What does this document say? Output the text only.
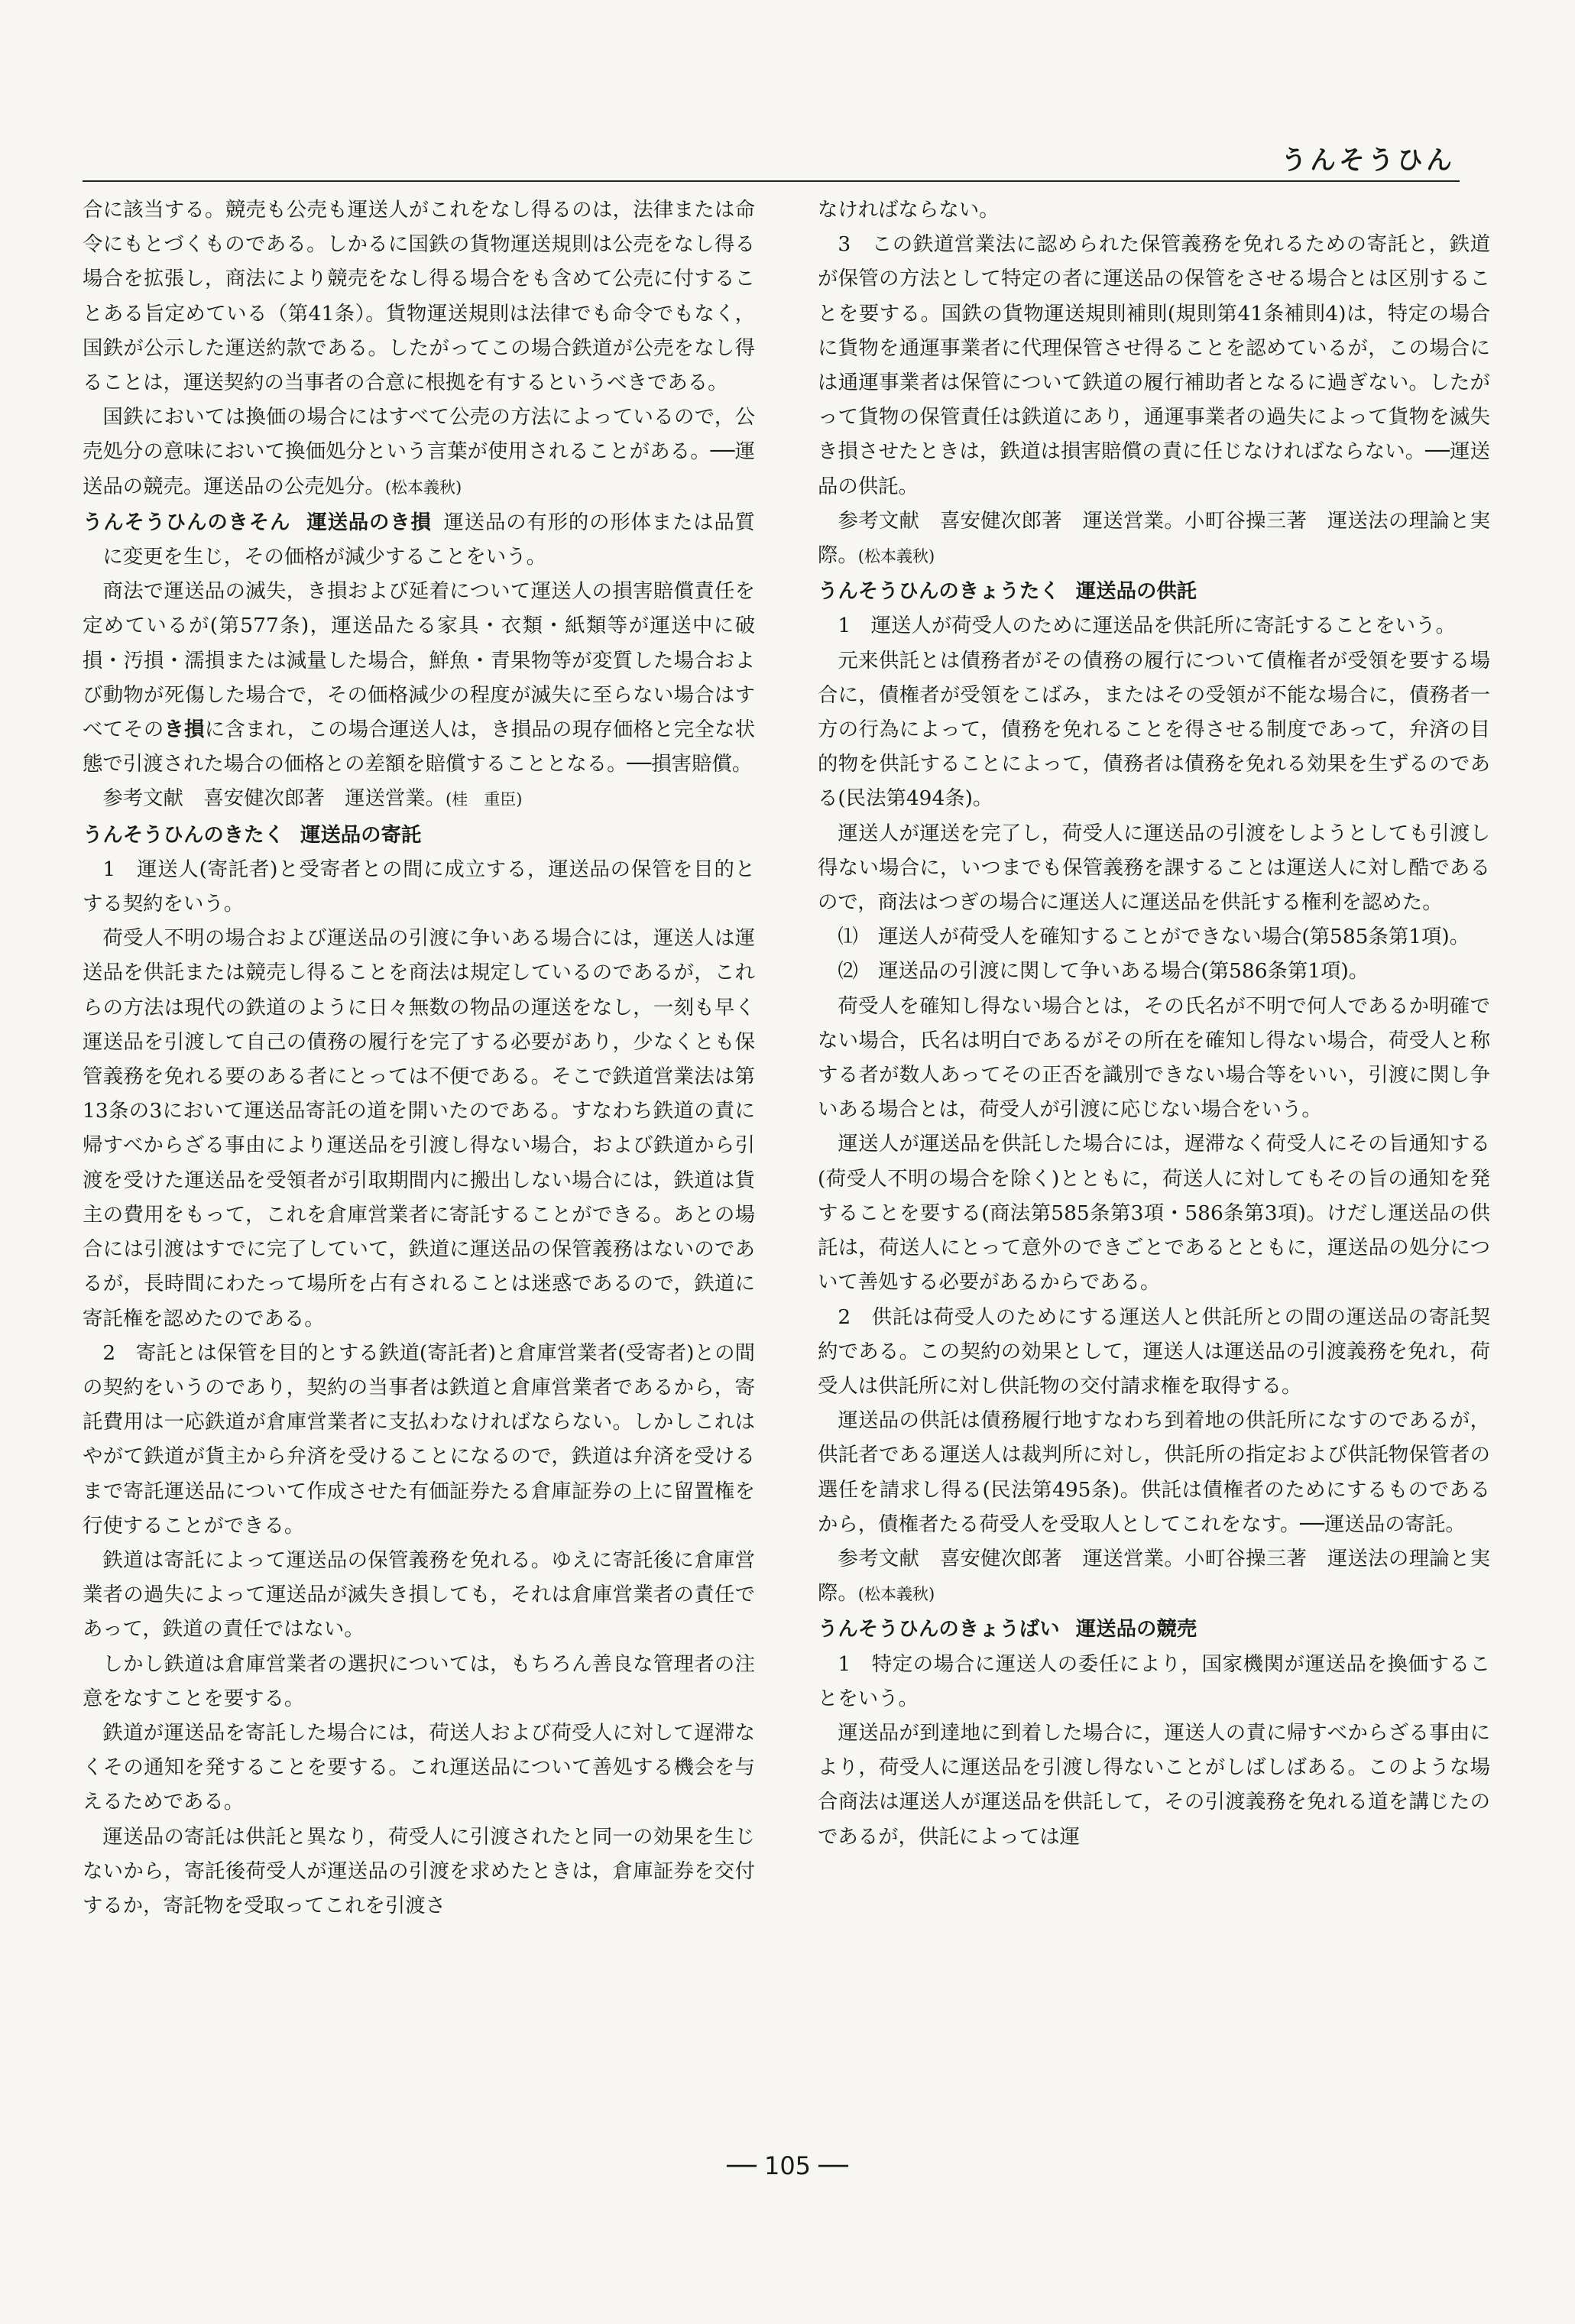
うんそうひん

合に該当する。競売も公売も運送人がこれをなし得るのは，法律または命令にもとづくものである。しかるに国鉄の貨物運送規則は公売をなし得る場合を拡張し，商法により競売をなし得る場合をも含めて公売に付することある旨定めている（第41条）。貨物運送規則は法律でも命令でもなく，国鉄が公示した運送約款である。したがってこの場合鉄道が公売をなし得ることは，運送契約の当事者の合意に根拠を有するというべきである。

国鉄においては換価の場合にはすべて公売の方法によっているので，公売処分の意味において換価処分という言葉が使用されることがある。──運送品の競売。運送品の公売処分。(松本義秋)

うんそうひんのきそん 運送品のき損 運送品の有形的の形体または品質に変更を生じ，その価格が減少することをいう。

商法で運送品の滅失，き損および延着について運送人の損害賠償責任を定めているが(第577条)，運送品たる家具・衣類・紙類等が運送中に破損・汚損・濡損または減量した場合，鮮魚・青果物等が変質した場合および動物が死傷した場合で，その価格減少の程度が滅失に至らない場合はすべてそのき損に含まれ，この場合運送人は，き損品の現存価格と完全な状態で引渡された場合の価格との差額を賠償することとなる。──損害賠償。

参考文献　喜安健次郎著　運送営業。(桂　重臣)

うんそうひんのきたく 運送品の寄託

1　運送人(寄託者)と受寄者との間に成立する，運送品の保管を目的とする契約をいう。

荷受人不明の場合および運送品の引渡に争いある場合には，運送人は運送品を供託または競売し得ることを商法は規定しているのであるが，これらの方法は現代の鉄道のように日々無数の物品の運送をなし，一刻も早く運送品を引渡して自己の債務の履行を完了する必要があり，少なくとも保管義務を免れる要のある者にとっては不便である。そこで鉄道営業法は第13条の3において運送品寄託の道を開いたのである。すなわち鉄道の責に帰すべからざる事由により運送品を引渡し得ない場合，および鉄道から引渡を受けた運送品を受領者が引取期間内に搬出しない場合には，鉄道は貨主の費用をもって，これを倉庫営業者に寄託することができる。あとの場合には引渡はすでに完了していて，鉄道に運送品の保管義務はないのであるが，長時間にわたって場所を占有されることは迷惑であるので，鉄道に寄託権を認めたのである。

2　寄託とは保管を目的とする鉄道(寄託者)と倉庫営業者(受寄者)との間の契約をいうのであり，契約の当事者は鉄道と倉庫営業者であるから，寄託費用は一応鉄道が倉庫営業者に支払わなければならない。しかしこれはやがて鉄道が貨主から弁済を受けることになるので，鉄道は弁済を受けるまで寄託運送品について作成させた有価証券たる倉庫証券の上に留置権を行使することができる。

鉄道は寄託によって運送品の保管義務を免れる。ゆえに寄託後に倉庫営業者の過失によって運送品が滅失き損しても，それは倉庫営業者の責任であって，鉄道の責任ではない。

しかし鉄道は倉庫営業者の選択については，もちろん善良な管理者の注意をなすことを要する。

鉄道が運送品を寄託した場合には，荷送人および荷受人に対して遅滞なくその通知を発することを要する。これ運送品について善処する機会を与えるためである。

運送品の寄託は供託と異なり，荷受人に引渡されたと同一の効果を生じないから，寄託後荷受人が運送品の引渡を求めたときは，倉庫証券を交付するか，寄託物を受取ってこれを引渡さ

なければならない。

3　この鉄道営業法に認められた保管義務を免れるための寄託と，鉄道が保管の方法として特定の者に運送品の保管をさせる場合とは区別することを要する。国鉄の貨物運送規則補則(規則第41条補則4)は，特定の場合に貨物を通運事業者に代理保管させ得ることを認めているが，この場合には通運事業者は保管について鉄道の履行補助者となるに過ぎない。したがって貨物の保管責任は鉄道にあり，通運事業者の過失によって貨物を滅失き損させたときは，鉄道は損害賠償の責に任じなければならない。──運送品の供託。

参考文献　喜安健次郎著　運送営業。小町谷操三著　運送法の理論と実際。(松本義秋)

うんそうひんのきょうたく 運送品の供託

1　運送人が荷受人のために運送品を供託所に寄託することをいう。

元来供託とは債務者がその債務の履行について債権者が受領を要する場合に，債権者が受領をこばみ，またはその受領が不能な場合に，債務者一方の行為によって，債務を免れることを得させる制度であって，弁済の目的物を供託することによって，債務者は債務を免れる効果を生ずるのである(民法第494条)。

運送人が運送を完了し，荷受人に運送品の引渡をしようとしても引渡し得ない場合に，いつまでも保管義務を課することは運送人に対し酷であるので，商法はつぎの場合に運送人に運送品を供託する権利を認めた。

⑴　運送人が荷受人を確知することができない場合(第585条第1項)。

⑵　運送品の引渡に関して争いある場合(第586条第1項)。

荷受人を確知し得ない場合とは，その氏名が不明で何人であるか明確でない場合，氏名は明白であるがその所在を確知し得ない場合，荷受人と称する者が数人あってその正否を識別できない場合等をいい，引渡に関し争いある場合とは，荷受人が引渡に応じない場合をいう。

運送人が運送品を供託した場合には，遅滞なく荷受人にその旨通知する(荷受人不明の場合を除く)とともに，荷送人に対してもその旨の通知を発することを要する(商法第585条第3項・586条第3項)。けだし運送品の供託は，荷送人にとって意外のできごとであるとともに，運送品の処分について善処する必要があるからである。

2　供託は荷受人のためにする運送人と供託所との間の運送品の寄託契約である。この契約の効果として，運送人は運送品の引渡義務を免れ，荷受人は供託所に対し供託物の交付請求権を取得する。

運送品の供託は債務履行地すなわち到着地の供託所になすのであるが，供託者である運送人は裁判所に対し，供託所の指定および供託物保管者の選任を請求し得る(民法第495条)。供託は債権者のためにするものであるから，債権者たる荷受人を受取人としてこれをなす。──運送品の寄託。

参考文献　喜安健次郎著　運送営業。小町谷操三著　運送法の理論と実際。(松本義秋)

うんそうひんのきょうばい 運送品の競売

1　特定の場合に運送人の委任により，国家機関が運送品を換価することをいう。

運送品が到達地に到着した場合に，運送人の責に帰すべからざる事由により，荷受人に運送品を引渡し得ないことがしばしばある。このような場合商法は運送人が運送品を供託して，その引渡義務を免れる道を講じたのであるが，供託によっては運

── 105 ──
